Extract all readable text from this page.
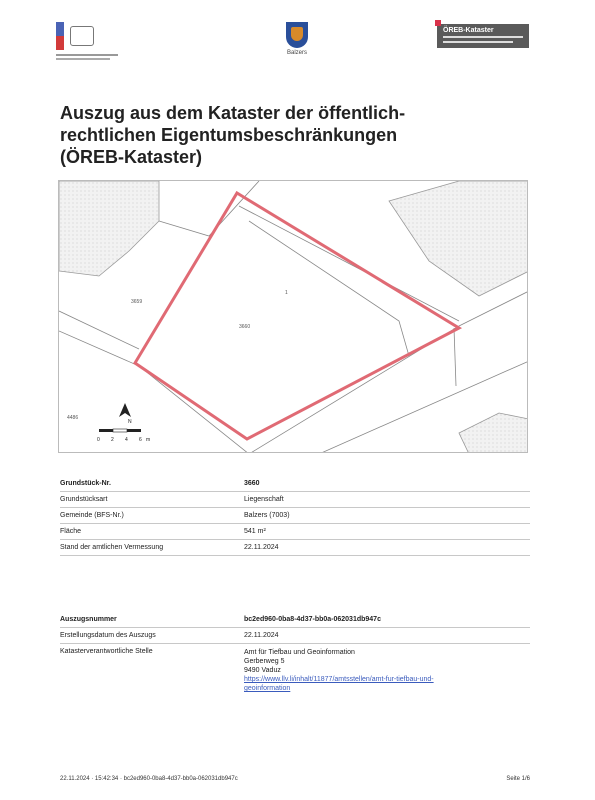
Balzers
ÖREB-Kataster
Auszug aus dem Kataster der öffentlich-
rechtlichen Eigentumsbeschränkungen
(ÖREB-Kataster)
3660
3659
4486
1
N
0 2 4 6 m
Grundstück-Nr.	3660
Grundstücksart	Liegenschaft
Gemeinde (BFS-Nr.)	Balzers (7003)
Fläche	541 m²
Stand der amtlichen Vermessung	22.11.2024
Auszugsnummer	bc2ed960-0ba8-4d37-bb0a-062031db947c
Erstellungsdatum des Auszugs	22.11.2024
Katasterverantwortliche Stelle	Amt für Tiefbau und Geoinformation
Gerberweg 5
9490 Vaduz
https://www.llv.li/inhalt/11877/amtsstellen/amt-fur-tiefbau-und-
geoinformation
22.11.2024 · 15:42:34 · bc2ed960-0ba8-4d37-bb0a-062031db947c	Seite 1/6
